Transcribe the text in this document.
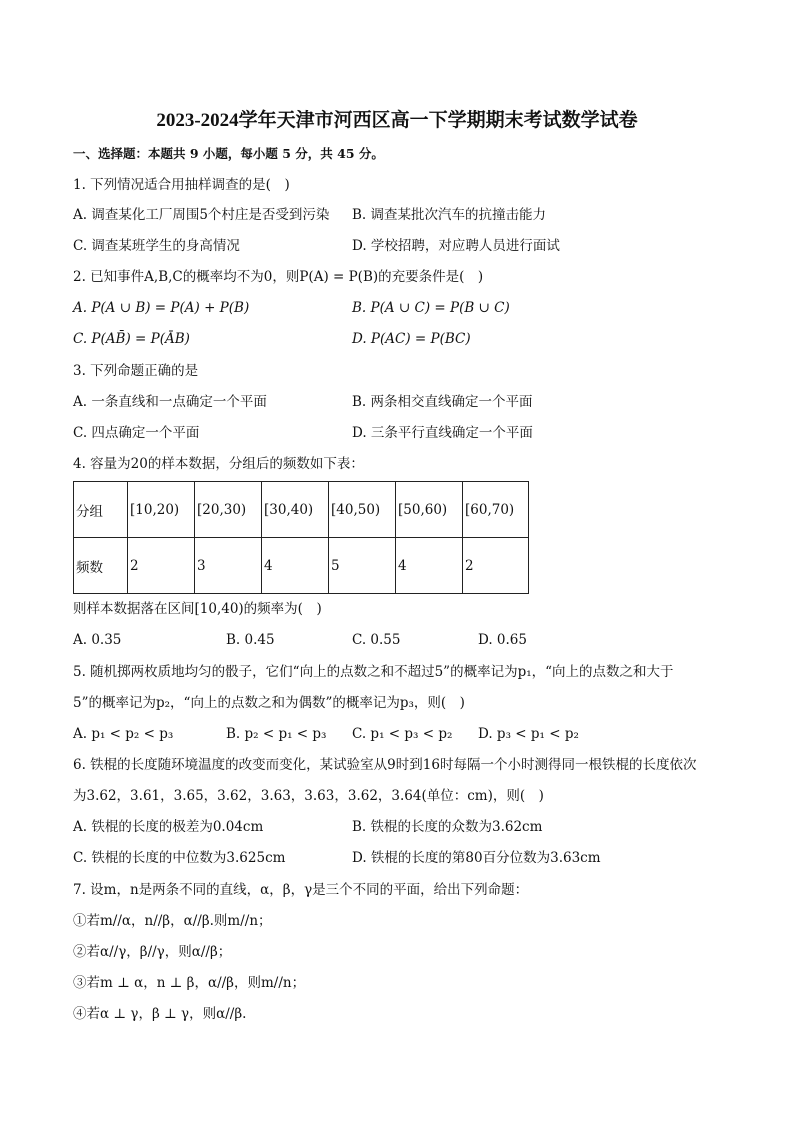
2023-2024学年天津市河西区高一下学期期末考试数学试卷
一、选择题：本题共 9 小题，每小题 5 分，共 45 分。
1. 下列情况适合用抽样调查的是(　)
A. 调查某化工厂周围5个村庄是否受到污染 B. 调查某批次汽车的抗撞击能力
C. 调查某班学生的身高情况	D. 学校招聘，对应聘人员进行面试
2. 已知事件A,B,C的概率均不为0，则P(A) = P(B)的充要条件是(　)
A. P(A ∪ B) = P(A) + P(B)	B. P(A ∪ C) = P(B ∪ C)
C. P(AB̄) = P(ĀB)	D. P(AC) = P(BC)
3. 下列命题正确的是
A. 一条直线和一点确定一个平面	B. 两条相交直线确定一个平面
C. 四点确定一个平面	D. 三条平行直线确定一个平面
4. 容量为20的样本数据，分组后的频数如下表：
分组	[10,20)	[20,30)	[30,40)	[40,50)	[50,60)	[60,70)
频数	2	3	4	5	4	2
则样本数据落在区间[10,40)的频率为(　)
A. 0.35	B. 0.45	C. 0.55	D. 0.65
5. 随机掷两枚质地均匀的骰子，它们“向上的点数之和不超过5”的概率记为p₁，“向上的点数之和大于
5”的概率记为p₂，“向上的点数之和为偶数”的概率记为p₃，则(　)
A. p₁ < p₂ < p₃	B. p₂ < p₁ < p₃ C. p₁ < p₃ < p₂ D. p₃ < p₁ < p₂
6. 铁棍的长度随环境温度的改变而变化，某试验室从9时到16时每隔一个小时测得同一根铁棍的长度依次
为3.62，3.61，3.65，3.62，3.63，3.63，3.62，3.64(单位：cm)，则(　)
A. 铁棍的长度的极差为0.04cm	B. 铁棍的长度的众数为3.62cm
C. 铁棍的长度的中位数为3.625cm	D. 铁棍的长度的第80百分位数为3.63cm
7. 设m，n是两条不同的直线，α，β，γ是三个不同的平面，给出下列命题：
①若m//α，n//β，α//β.则m//n；
②若α//γ，β//γ，则α//β；
③若m ⊥ α，n ⊥ β，α//β，则m//n；
④若α ⊥ γ，β ⊥ γ，则α//β.
